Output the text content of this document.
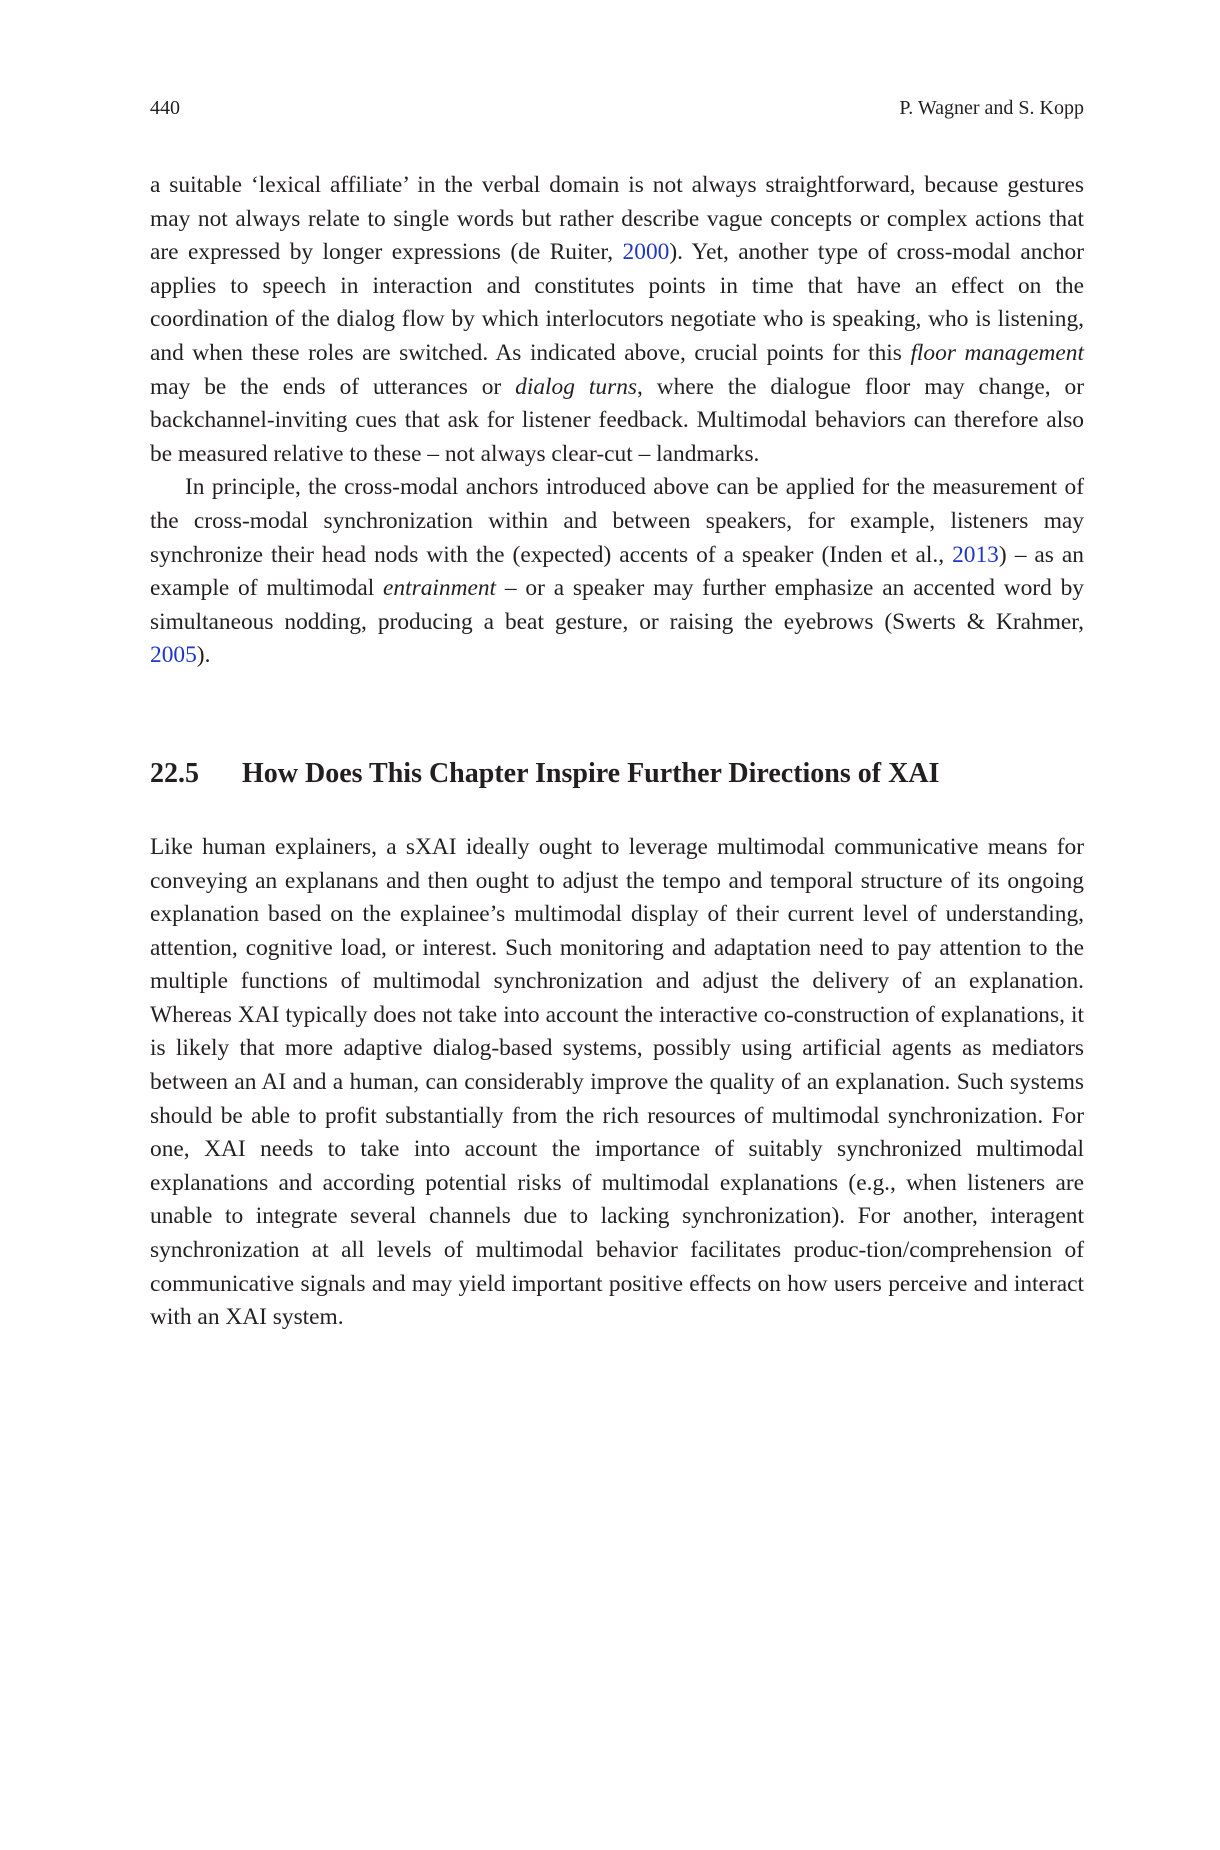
440	P. Wagner and S. Kopp

a suitable ‘lexical affiliate’ in the verbal domain is not always straightforward, because gestures may not always relate to single words but rather describe vague concepts or complex actions that are expressed by longer expressions (de Ruiter, 2000). Yet, another type of cross-modal anchor applies to speech in interaction and constitutes points in time that have an effect on the coordination of the dialog flow by which interlocutors negotiate who is speaking, who is listening, and when these roles are switched. As indicated above, crucial points for this floor management may be the ends of utterances or dialog turns, where the dialogue floor may change, or backchannel-inviting cues that ask for listener feedback. Multimodal behaviors can therefore also be measured relative to these – not always clear-cut – landmarks.

In principle, the cross-modal anchors introduced above can be applied for the measurement of the cross-modal synchronization within and between speakers, for example, listeners may synchronize their head nods with the (expected) accents of a speaker (Inden et al., 2013) – as an example of multimodal entrainment – or a speaker may further emphasize an accented word by simultaneous nodding, producing a beat gesture, or raising the eyebrows (Swerts & Krahmer, 2005).

22.5	How Does This Chapter Inspire Further Directions of XAI

Like human explainers, a sXAI ideally ought to leverage multimodal communicative means for conveying an explanans and then ought to adjust the tempo and temporal structure of its ongoing explanation based on the explainee’s multimodal display of their current level of understanding, attention, cognitive load, or interest. Such monitoring and adaptation need to pay attention to the multiple functions of multimodal synchronization and adjust the delivery of an explanation. Whereas XAI typically does not take into account the interactive co-construction of explanations, it is likely that more adaptive dialog-based systems, possibly using artificial agents as mediators between an AI and a human, can considerably improve the quality of an explanation. Such systems should be able to profit substantially from the rich resources of multimodal synchronization. For one, XAI needs to take into account the importance of suitably synchronized multimodal explanations and according potential risks of multimodal explanations (e.g., when listeners are unable to integrate several channels due to lacking synchronization). For another, interagent synchronization at all levels of multimodal behavior facilitates produc-tion/comprehension of communicative signals and may yield important positive effects on how users perceive and interact with an XAI system.
